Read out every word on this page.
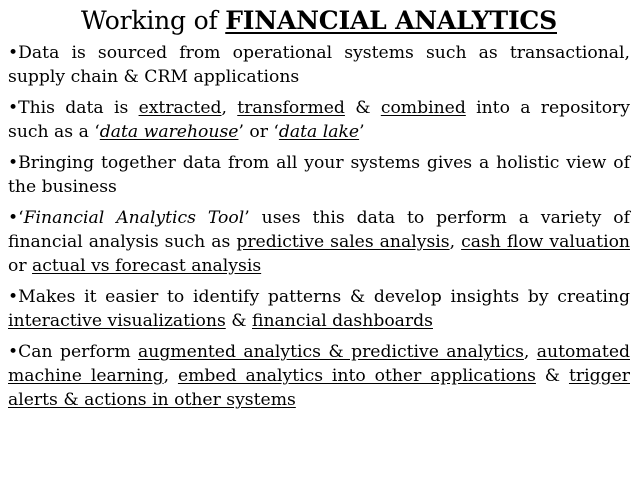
Working of FINANCIAL ANALYTICS

•Data is sourced from operational systems such as transactional, supply chain & CRM applications

•This data is extracted, transformed & combined into a repository such as a ‘data warehouse’ or ‘data lake’

•Bringing together data from all your systems gives a holistic view of the business

•‘Financial Analytics Tool’ uses this data to perform a variety of financial analysis such as predictive sales analysis, cash flow valuation or actual vs forecast analysis

•Makes it easier to identify patterns & develop insights by creating interactive visualizations & financial dashboards

•Can perform augmented analytics & predictive analytics, automated machine learning, embed analytics into other applications & trigger alerts & actions in other systems
